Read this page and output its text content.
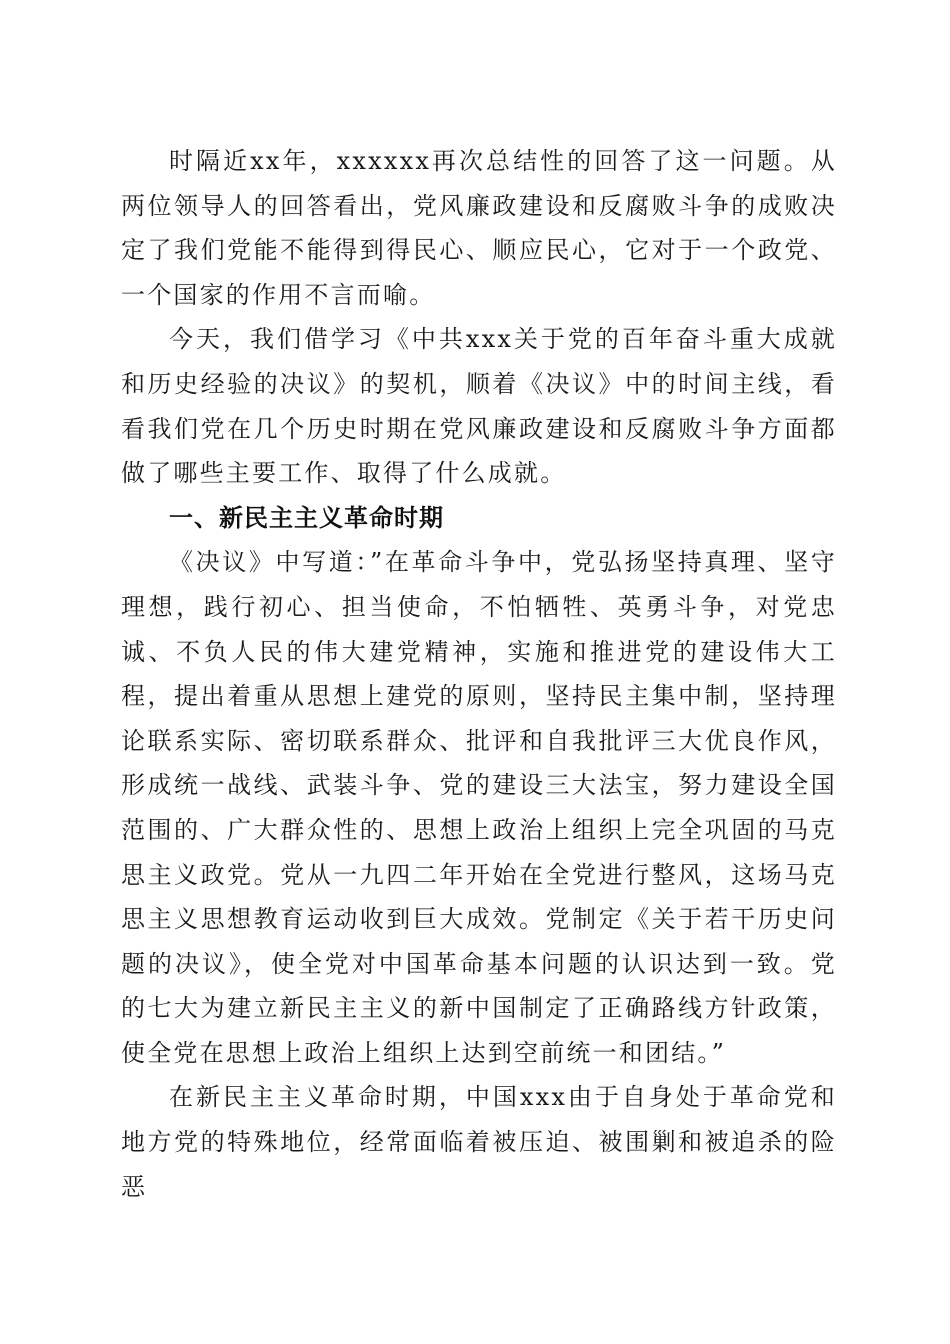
时隔近xx年，xxxxxx再次总结性的回答了这一问题。从两位领导人的回答看出，党风廉政建设和反腐败斗争的成败决定了我们党能不能得到得民心、顺应民心，它对于一个政党、一个国家的作用不言而喻。

今天，我们借学习《中共xxx关于党的百年奋斗重大成就和历史经验的决议》的契机，顺着《决议》中的时间主线，看看我们党在几个历史时期在党风廉政建设和反腐败斗争方面都做了哪些主要工作、取得了什么成就。

一、新民主主义革命时期

《决议》中写道：”在革命斗争中，党弘扬坚持真理、坚守理想，践行初心、担当使命，不怕牺牲、英勇斗争，对党忠诚、不负人民的伟大建党精神，实施和推进党的建设伟大工程，提出着重从思想上建党的原则，坚持民主集中制，坚持理论联系实际、密切联系群众、批评和自我批评三大优良作风，形成统一战线、武装斗争、党的建设三大法宝，努力建设全国范围的、广大群众性的、思想上政治上组织上完全巩固的马克思主义政党。党从一九四二年开始在全党进行整风，这场马克思主义思想教育运动收到巨大成效。党制定《关于若干历史问题的决议》，使全党对中国革命基本问题的认识达到一致。党的七大为建立新民主主义的新中国制定了正确路线方针政策，使全党在思想上政治上组织上达到空前统一和团结。”

在新民主主义革命时期，中国xxx由于自身处于革命党和地方党的特殊地位，经常面临着被压迫、被围剿和被追杀的险恶
